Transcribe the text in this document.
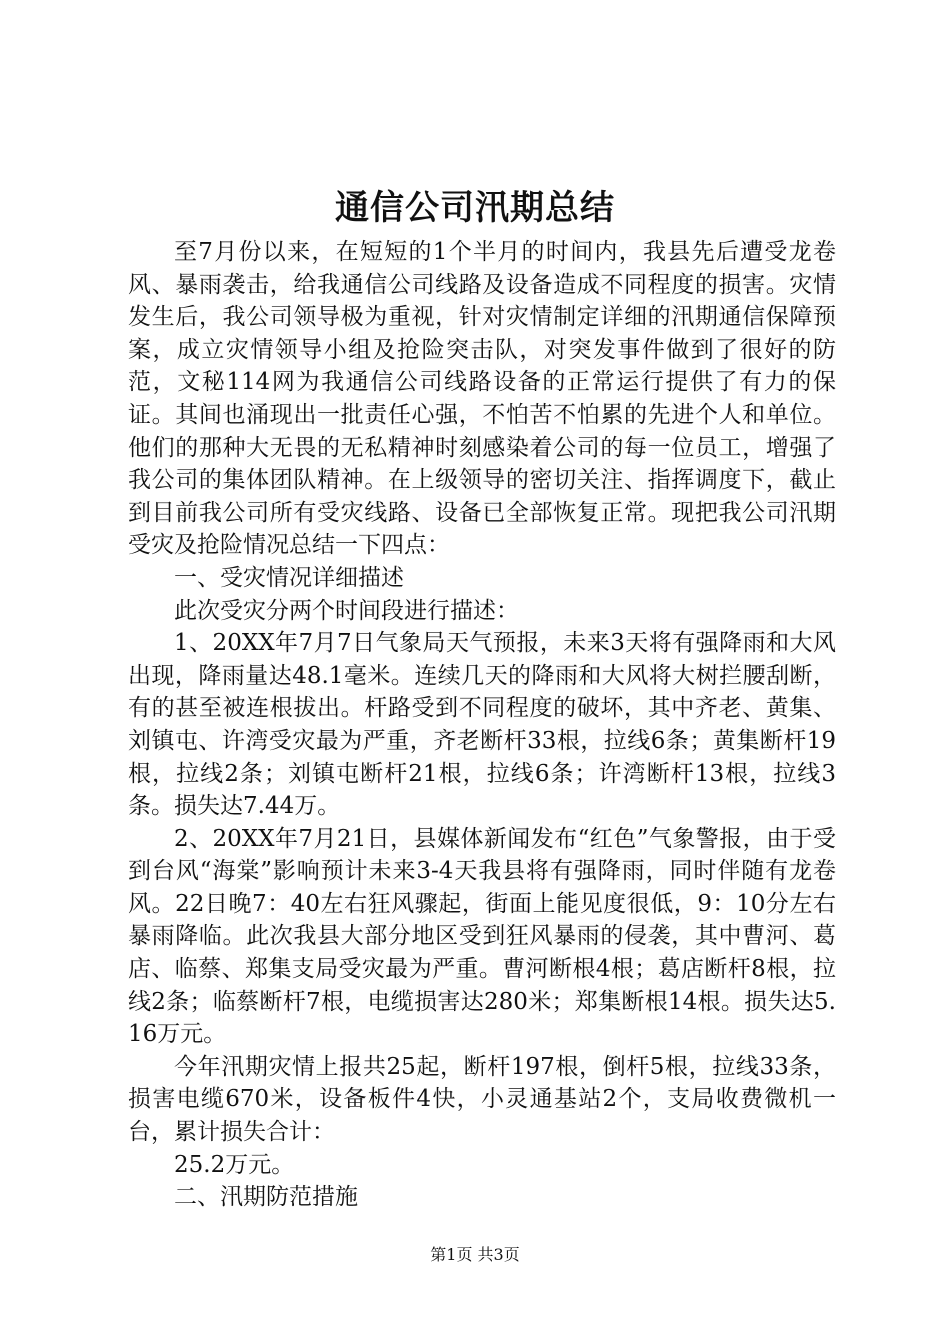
通信公司汛期总结

至7月份以来，在短短的1个半月的时间内，我县先后遭受龙卷风、暴雨袭击，给我通信公司线路及设备造成不同程度的损害。灾情发生后，我公司领导极为重视，针对灾情制定详细的汛期通信保障预案，成立灾情领导小组及抢险突击队，对突发事件做到了很好的防范，文秘114网为我通信公司线路设备的正常运行提供了有力的保证。其间也涌现出一批责任心强，不怕苦不怕累的先进个人和单位。他们的那种大无畏的无私精神时刻感染着公司的每一位员工，增强了我公司的集体团队精神。在上级领导的密切关注、指挥调度下，截止到目前我公司所有受灾线路、设备已全部恢复正常。现把我公司汛期受灾及抢险情况总结一下四点：

一、受灾情况详细描述

此次受灾分两个时间段进行描述：

1、20XX年7月7日气象局天气预报，未来3天将有强降雨和大风出现，降雨量达48.1毫米。连续几天的降雨和大风将大树拦腰刮断，有的甚至被连根拔出。杆路受到不同程度的破坏，其中齐老、黄集、刘镇屯、许湾受灾最为严重，齐老断杆33根，拉线6条；黄集断杆19根，拉线2条；刘镇屯断杆21根，拉线6条；许湾断杆13根，拉线3条。损失达7.44万。

2、20XX年7月21日，县媒体新闻发布“红色”气象警报，由于受到台风“海棠”影响预计未来3-4天我县将有强降雨，同时伴随有龙卷风。22日晚7：40左右狂风骤起，街面上能见度很低，9：10分左右暴雨降临。此次我县大部分地区受到狂风暴雨的侵袭，其中曹河、葛店、临蔡、郑集支局受灾最为严重。曹河断根4根；葛店断杆8根，拉线2条；临蔡断杆7根，电缆损害达280米；郑集断根14根。损失达5.16万元。

今年汛期灾情上报共25起，断杆197根，倒杆5根，拉线33条，损害电缆670米，设备板件4快，小灵通基站2个，支局收费微机一台，累计损失合计：

25.2万元。

二、汛期防范措施

第1页 共3页
